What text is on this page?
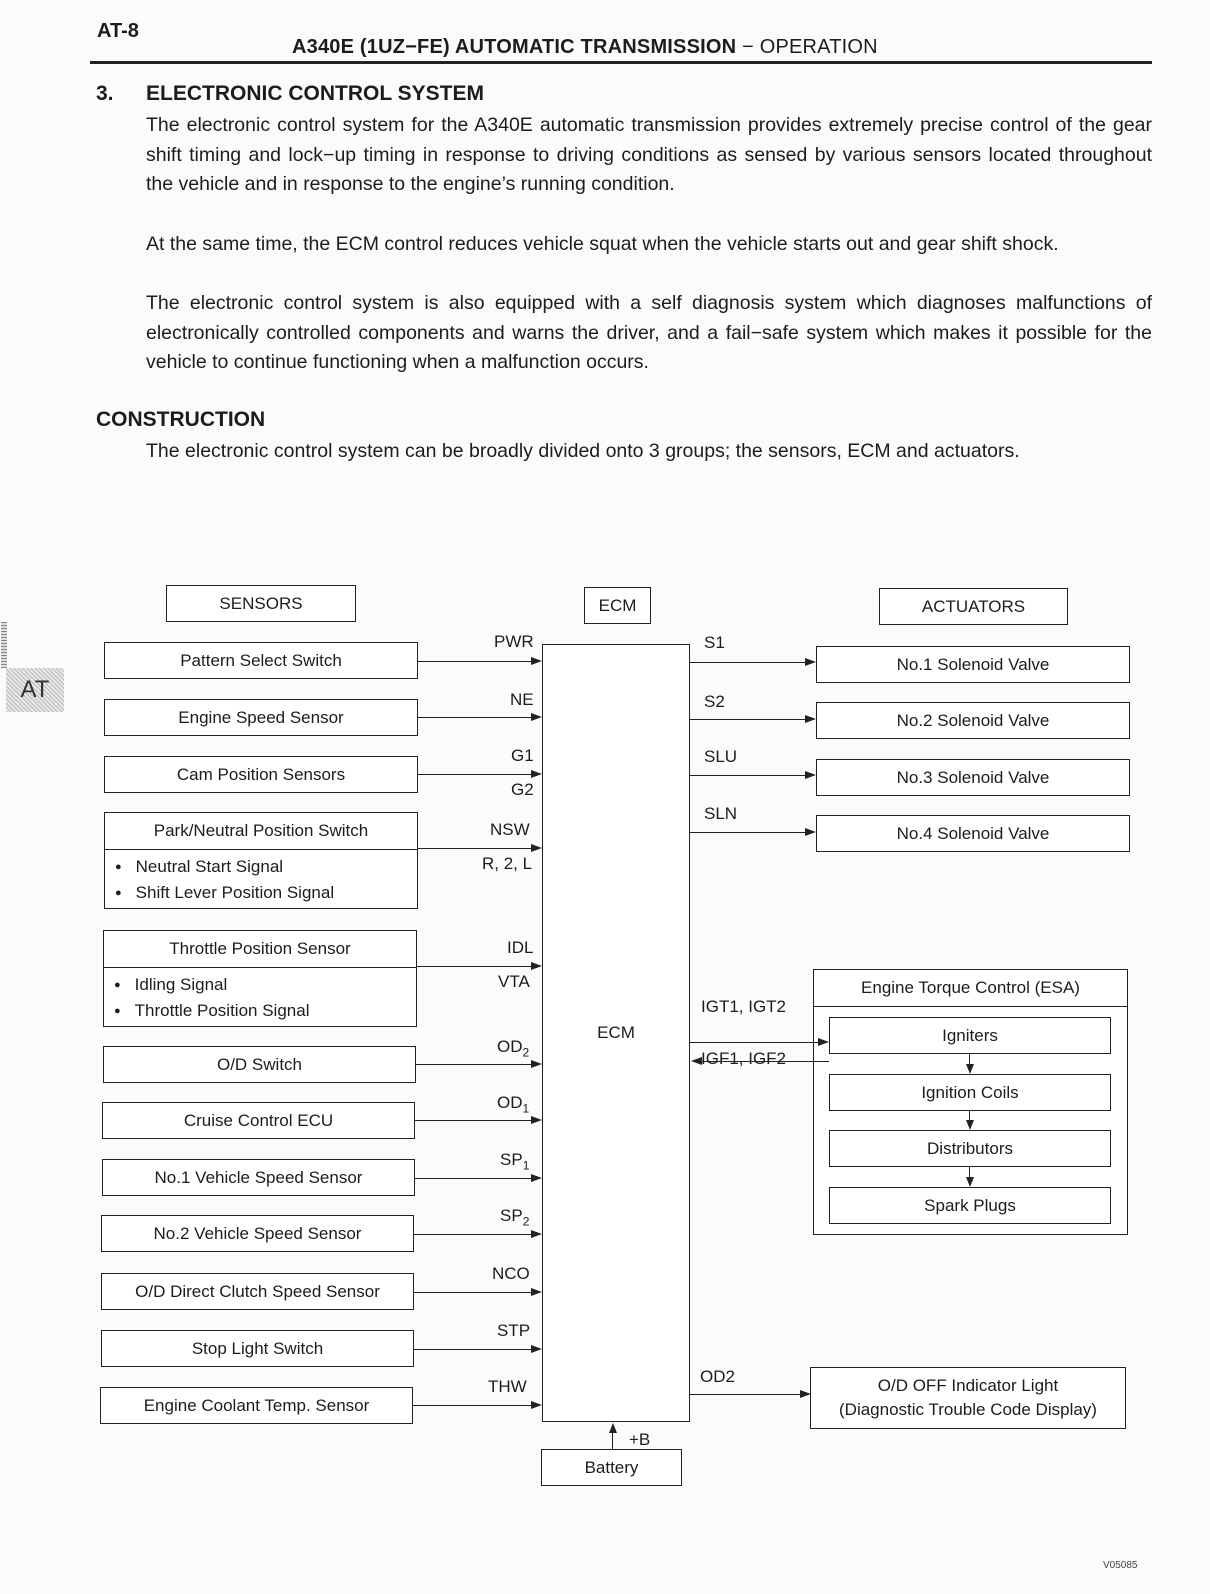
AT-8
A340E (1UZ−FE) AUTOMATIC TRANSMISSION − OPERATION
AT
3. ELECTRONIC CONTROL SYSTEM
The electronic control system for the A340E automatic transmission provides extremely precise control of the gear shift timing and lock−up timing in response to driving conditions as sensed by various sensors located throughout the vehicle and in response to the engine’s running condition.
At the same time, the ECM control reduces vehicle squat when the vehicle starts out and gear shift shock.
The electronic control system is also equipped with a self diagnosis system which diagnoses malfunctions of electronically controlled components and warns the driver, and a fail−safe system which makes it possible for the vehicle to continue functioning when a malfunction occurs.
CONSTRUCTION
The electronic control system can be broadly divided onto 3 groups; the sensors, ECM and actuators.
SENSORS	ECM	ACTUATORS
ECM
Pattern Select Switch
PWR
Engine Speed Sensor
NE
Cam Position Sensors
G1
G2
Park/Neutral Position Switch
● Neutral Start Signal
● Shift Lever Position Signal
NSW
R, 2, L
Throttle Position Sensor
● Idling Signal
● Throttle Position Signal
IDL
VTA
O/D Switch
$OD_2$
Cruise Control ECU
$OD_1$
No.1 Vehicle Speed Sensor
$SP_1$
No.2 Vehicle Speed Sensor
$SP_2$
O/D Direct Clutch Speed Sensor
NCO
Stop Light Switch
STP
Engine Coolant Temp. Sensor
THW
No.1 Solenoid Valve
S1
No.2 Solenoid Valve
S2
No.3 Solenoid Valve
SLU
No.4 Solenoid Valve
SLN
Engine Torque Control (ESA)
Igniters
Ignition Coils
Distributors
Spark Plugs
IGT1, IGT2
IGF1, IGF2
O/D OFF Indicator Light
(Diagnostic Trouble Code Display)
OD2
Battery
+B
V05085
